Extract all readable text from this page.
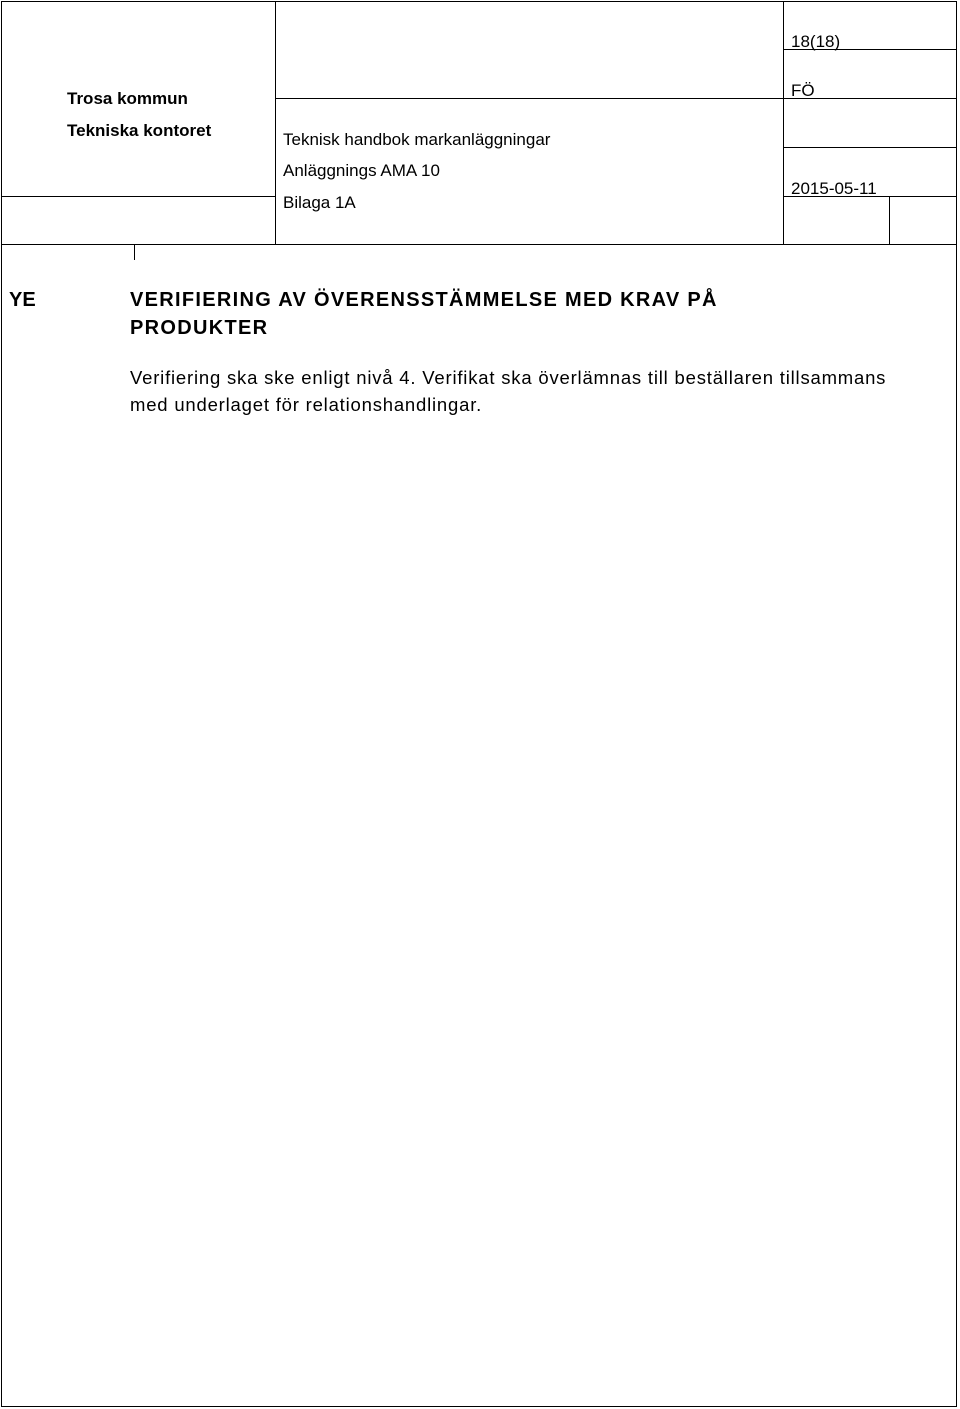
Trosa kommun
Tekniska kontoret	Teknisk handbok markanläggningar
Anläggnings AMA 10
Bilaga 1A
18(18)
FÖ
2015-05-11
YE	VERIFIERING AV ÖVERENSSTÄMMELSE MED KRAV PÅ PRODUKTER
Verifiering ska ske enligt nivå 4. Verifikat ska överlämnas till beställaren tillsammans med underlaget för relationshandlingar.
